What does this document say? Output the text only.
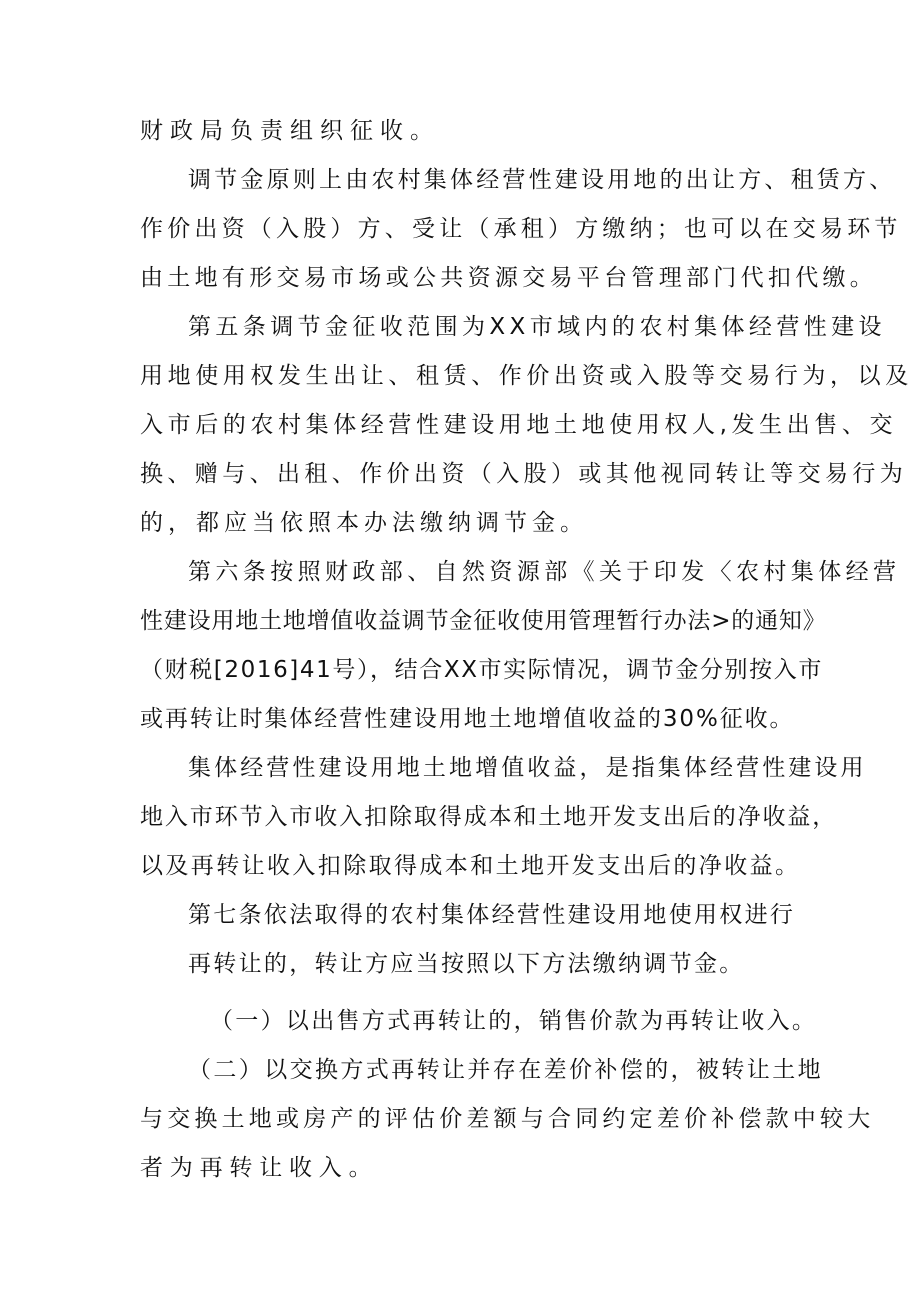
财政局负责组织征收。
调节金原则上由农村集体经营性建设用地的出让方、租赁方、
作价出资（入股）方、受让（承租）方缴纳；也可以在交易环节
由土地有形交易市场或公共资源交易平台管理部门代扣代缴。
第五条调节金征收范围为XX市域内的农村集体经营性建设
用地使用权发生出让、租赁、作价出资或入股等交易行为，以及
入市后的农村集体经营性建设用地土地使用权人,发生出售、交
换、赠与、出租、作价出资（入股）或其他视同转让等交易行为
的，都应当依照本办法缴纳调节金。
第六条按照财政部、自然资源部《关于印发〈农村集体经营
性建设用地土地增值收益调节金征收使用管理暂行办法>的通知》
（财税[2016]41号），结合XX市实际情况，调节金分别按入市
或再转让时集体经营性建设用地土地增值收益的30%征收。
集体经营性建设用地土地增值收益，是指集体经营性建设用
地入市环节入市收入扣除取得成本和土地开发支出后的净收益，
以及再转让收入扣除取得成本和土地开发支出后的净收益。
第七条依法取得的农村集体经营性建设用地使用权进行
再转让的，转让方应当按照以下方法缴纳调节金。
（一）以出售方式再转让的，销售价款为再转让收入。
（二）以交换方式再转让并存在差价补偿的，被转让土地
与交换土地或房产的评估价差额与合同约定差价补偿款中较大
者为再转让收入。
